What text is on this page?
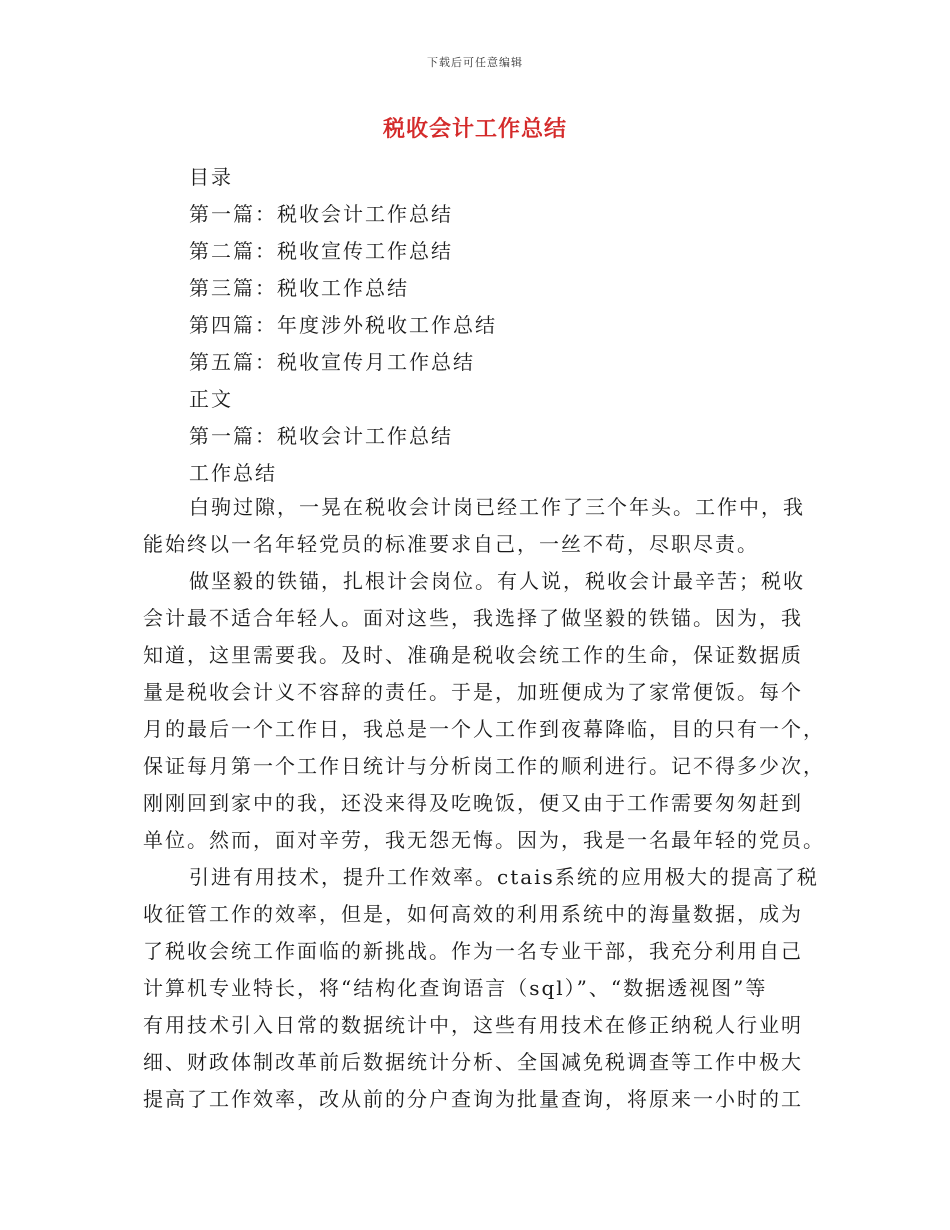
下载后可任意编辑
税收会计工作总结
目录
第一篇：税收会计工作总结
第二篇：税收宣传工作总结
第三篇：税收工作总结
第四篇：年度涉外税收工作总结
第五篇：税收宣传月工作总结
正文
第一篇：税收会计工作总结
工作总结
白驹过隙，一晃在税收会计岗已经工作了三个年头。工作中，我
能始终以一名年轻党员的标准要求自己，一丝不苟，尽职尽责。
做坚毅的铁锚，扎根计会岗位。有人说，税收会计最辛苦；税收
会计最不适合年轻人。面对这些，我选择了做坚毅的铁锚。因为，我
知道，这里需要我。及时、准确是税收会统工作的生命，保证数据质
量是税收会计义不容辞的责任。于是，加班便成为了家常便饭。每个
月的最后一个工作日，我总是一个人工作到夜幕降临，目的只有一个，
保证每月第一个工作日统计与分析岗工作的顺利进行。记不得多少次，
刚刚回到家中的我，还没来得及吃晚饭，便又由于工作需要匆匆赶到
单位。然而，面对辛劳，我无怨无悔。因为，我是一名最年轻的党员。
引进有用技术，提升工作效率。ctais系统的应用极大的提高了税
收征管工作的效率，但是，如何高效的利用系统中的海量数据，成为
了税收会统工作面临的新挑战。作为一名专业干部，我充分利用自己
计算机专业特长，将“结构化查询语言（sql）”、“数据透视图”等
有用技术引入日常的数据统计中，这些有用技术在修正纳税人行业明
细、财政体制改革前后数据统计分析、全国减免税调查等工作中极大
提高了工作效率，改从前的分户查询为批量查询，将原来一小时的工
